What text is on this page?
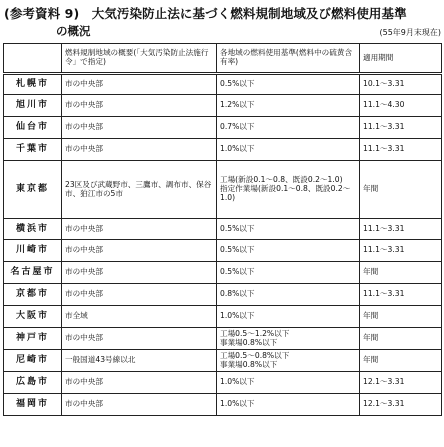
(参考資料 9) 大気汚染防止法に基づく燃料規制地域及び燃料使用基準
の概況	(55年9月末現在)
	燃料規制地域の概要(「大気汚染防止法施行令」で指定)	各地域の燃料使用基準(燃料中の硫黄含有率)	適用期間
札幌市	市の中央部	0.5%以下	10.1～3.31
旭川市	市の中央部	1.2%以下	11.1～4.30
仙台市	市の中央部	0.7%以下	11.1～3.31
千葉市	市の中央部	1.0%以下	11.1～3.31
東京都	23区及び武蔵野市、三鷹市、調布市、保谷市、狛江市の5市	工場(新設0.1～0.8、既設0.2～1.0)
指定作業場(新設0.1～0.8、既設0.2～1.0)	年間
横浜市	市の中央部	0.5%以下	11.1～3.31
川崎市	市の中央部	0.5%以下	11.1～3.31
名古屋市	市の中央部	0.5%以下	年間
京都市	市の中央部	0.8%以下	11.1～3.31
大阪市	市全域	1.0%以下	年間
神戸市	市の中央部	工場0.5～1.2%以下
事業場0.8%以下	年間
尼崎市	一般国道43号線以北	工場0.5～0.8%以下
事業場0.8%以下	年間
広島市	市の中央部	1.0%以下	12.1～3.31
福岡市	市の中央部	1.0%以下	12.1～3.31
